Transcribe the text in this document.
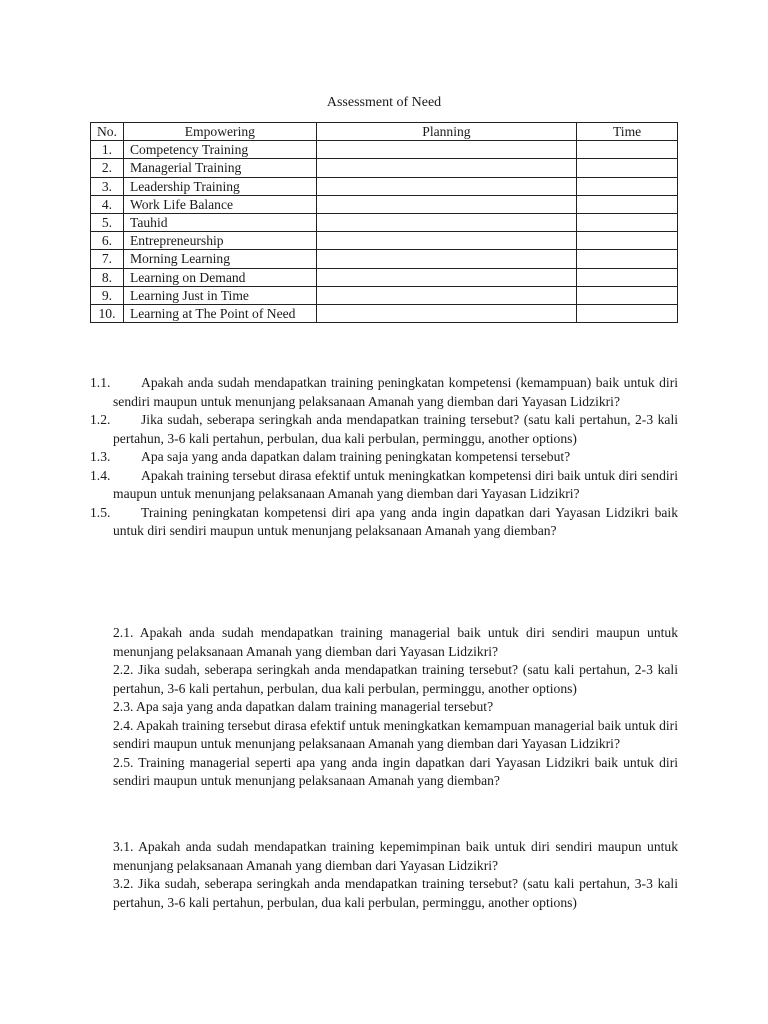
Assessment of Need
No.	Empowering	Planning	Time
1.	Competency Training		
2.	Managerial Training		
3.	Leadership Training		
4.	Work Life Balance		
5.	Tauhid		
6.	Entrepreneurship		
7.	Morning Learning		
8.	Learning on Demand		
9.	Learning Just in Time		
10.	Learning at The Point of Need		
1.1. Apakah anda sudah mendapatkan training peningkatan kompetensi (kemampuan) baik untuk diri sendiri maupun untuk menunjang pelaksanaan Amanah yang diemban dari Yayasan Lidzikri?
1.2. Jika sudah, seberapa seringkah anda mendapatkan training tersebut? (satu kali pertahun, 2-3 kali pertahun, 3-6 kali pertahun, perbulan, dua kali perbulan, perminggu, another options)
1.3. Apa saja yang anda dapatkan dalam training peningkatan kompetensi tersebut?
1.4. Apakah training tersebut dirasa efektif untuk meningkatkan kompetensi diri baik untuk diri sendiri maupun untuk menunjang pelaksanaan Amanah yang diemban dari Yayasan Lidzikri?
1.5. Training peningkatan kompetensi diri apa yang anda ingin dapatkan dari Yayasan Lidzikri baik untuk diri sendiri maupun untuk menunjang pelaksanaan Amanah yang diemban?

2.1. Apakah anda sudah mendapatkan training managerial baik untuk diri sendiri maupun untuk menunjang pelaksanaan Amanah yang diemban dari Yayasan Lidzikri?

2.2. Jika sudah, seberapa seringkah anda mendapatkan training tersebut? (satu kali pertahun, 2-3 kali pertahun, 3-6 kali pertahun, perbulan, dua kali perbulan, perminggu, another options)

2.3. Apa saja yang anda dapatkan dalam training managerial tersebut?

2.4. Apakah training tersebut dirasa efektif untuk meningkatkan kemampuan managerial baik untuk diri sendiri maupun untuk menunjang pelaksanaan Amanah yang diemban dari Yayasan Lidzikri?

2.5. Training managerial seperti apa yang anda ingin dapatkan dari Yayasan Lidzikri baik untuk diri sendiri maupun untuk menunjang pelaksanaan Amanah yang diemban?

3.1. Apakah anda sudah mendapatkan training kepemimpinan baik untuk diri sendiri maupun untuk menunjang pelaksanaan Amanah yang diemban dari Yayasan Lidzikri?

3.2. Jika sudah, seberapa seringkah anda mendapatkan training tersebut? (satu kali pertahun, 3-3 kali pertahun, 3-6 kali pertahun, perbulan, dua kali perbulan, perminggu, another options)
